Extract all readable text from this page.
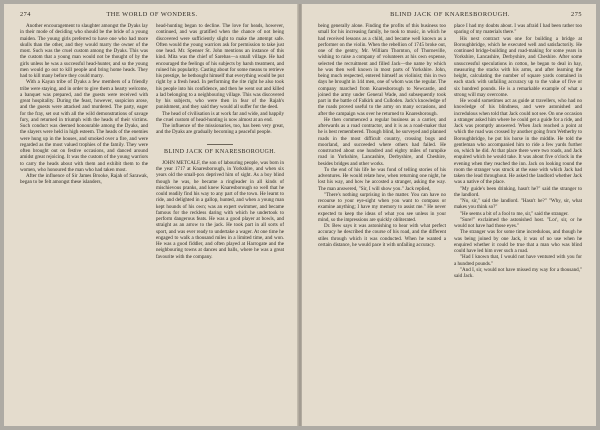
274	THE WORLD OF WONDERS.

Another encouragement to slaughter amongst the Dyaks lay in their mode of deciding who should be the bride of a young maiden. The young girls preferred to have one who had more skulls than the other, and they would marry the owner of the most. Such was the cruel custom among the Dyaks. This was the custom that a young man would not be thought of by the girls unless he was a successful head-hunter, and so the young men would go out to kill people and bring home heads. They had to kill many before they could marry.

With a Kayan tribe of Dyaks a few members of a friendly tribe were staying, and in order to give them a hearty welcome, a banquet was prepared, and the guests were received with great hospitality. During the feast, however, suspicion arose, and the guests were attacked and murdered. The party, eager for the fray, set out with all the wild demonstrations of savage fury, and returned in triumph with the heads of their victims. Such conduct was deemed honourable among the Dyaks, and the slayers were held in high esteem. The heads of the enemies were hung up in the houses, and smoked over a fire, and were regarded as the most valued trophies of the family. They were often brought out on festive occasions, and danced around amidst great rejoicing. It was the custom of the young warriors to carry the heads about with them and exhibit them to the women, who honoured the man who had taken most.

After the influence of Sir James Brooke, Rajah of Sarawak, began to be felt amongst these islanders,

head-hunting began to decline. The love for heads, however, continued, and was gratified when the chance of not being discovered were sufficiently slight to make the attempt safe. Often would the young warriors ask for permission to take just one head. Mr. Spenser St. John mentions an instance of this kind. Mita was the chief of Sarebas—a small village. He had encouraged the feelings of his subjects by harsh treatment, and ruined his popularity. Casting about for some means to retrieve his prestige, he bethought himself that everything would be put right by a fresh head. In performing the rite right he also took his people into his confidence, and then he went out and killed a lad belonging to a neighbouring village. This was discovered by his subjects, who were then in fear of the Rajah's punishment, and they said they would all suffer for the deed.

The head of civilisation is at work far and wide, and happily the cruel custom of head-hunting is now almost at an end.

The influence of the missionaries, too, has been very great, and the Dyaks are gradually becoming a peaceful people.

BLIND JACK OF KNARESBOROUGH.

JOHN METCALF, the son of labouring people, was born in the year 1717 at Knaresborough, in Yorkshire, and when six years old the small-pox deprived him of sight. As a boy blind though he was, he became a ringleader in all kinds of mischievous pranks, and knew Knaresborough so well that he could readily find his way to any part of the town. He learnt to ride, and delighted in a gallop, hunted, and when a young man kept hounds of his own; was an expert swimmer, and became famous for the reckless daring with which he undertook to perform dangerous feats. He was a good player at bowls, and straight as an arrow to the jack. He took part in all sorts of sport, and was ever ready to undertake a wager. At one time he engaged to walk a thousand miles in a limited time, and won. He was a good fiddler, and often played at Harrogate and the neighbouring towns at dances and balls, where he was a great favourite with the company.

BLIND JACK OF KNARESBOROUGH.	275

being generally alone. Finding the profits of this business too small for his increasing family, he took to music, in which he had received lessons as a child, and became well known as a performer on the violin. When the rebellion of 1745 broke out, one of the gentry, Mr. William Thornton, of Thorneville, wishing to raise a company of volunteers at his own expense, selected the recruitment and filled Jack—the name by which he was then well known in most parts of Yorkshire. John, being much respected, entered himself as violinist; this in two days he brought in 144 men, one of whom was the regular. The company marched from Knaresborough to Newcastle, and joined the army under General Wade, and subsequently took part in the battle of Falkirk and Culloden. Jack's knowledge of the roads proved useful to the army on many occasions, and after the campaign was over he returned to Knaresborough.

He then commenced a regular business as a carrier, and afterwards as a road contractor, and it is as a road-maker that he is best remembered. Though blind, he surveyed and planned roads in the most difficult country, crossing bogs and moorland, and succeeded where others had failed. He constructed about one hundred and eighty miles of turnpike road in Yorkshire, Lancashire, Derbyshire, and Cheshire, besides bridges and other works.

To the end of his life he was fond of telling stories of his adventures. He would relate how, when returning one night, he lost his way, and how he accosted a stranger, asking the way. The man answered, "Sir, I will show you." Jack replied,

"There's nothing surprising in the matter. You can have no recourse to your eye-sight when you want to compass or examine anything; I have my memory to assist me." He never expected to keep the ideas of what you see unless in your mind, so the impressions are quickly obliterated.

Dr. Bew says it was astonishing to hear with what perfect accuracy he described the course of his road, and the different stiles through which it was conducted. When he wanted a certain distance, he would pace it with unfailing accuracy.

place I had my doubts about. I was afraid I had been rather too sparing of my materials there."

His next contract was one for building a bridge at Boroughbridge, which he executed well and satisfactorily. He continued bridge-building and road-making for some years in Yorkshire, Lancashire, Derbyshire, and Cheshire. After some unsuccessful speculations in cotton, he began to deal in hay, measuring the stacks with his arms, and after learning the height, calculating the number of square yards contained in each stack with unfailing accuracy up to the value of five or six hundred pounds. He is a remarkable example of what a strong will may overcome.

He would sometimes act as guide at travellers, who had no knowledge of his blindness, and were astonished and incredulous when told that Jack could not see. On one occasion a stranger asked him where he could get a guide for a ride, and Jack was promptly answered. When Jack reached a point at which the road was crossed by another going from Wetherby to Boroughbridge, he put his horse in the middle. He told the gentleman who accompanied him to ride a few yards further on, which he did. At that place there were two roads, and Jack enquired which he would take. It was about five o'clock in the evening when they reached the inn. Jack on looking round the room the stranger was struck at the ease with which Jack had taken the lead throughout. He asked the landlord whether Jack was a native of the place.

"My guide's been drinking, hasn't he?" said the stranger to the landlord.

"No, sir," said the landlord. "Hasn't he?" "Why, sir, what makes you think so?"

"He seems a bit of a fool to me, sir," said the stranger.

"Sure!" exclaimed the astonished host. "Lor', sir, or he would not have had those eyes."

The stranger was for some time incredulous, and though he was being joined by one Jack, it was of no use when he enquired whether it could be true that a man who was blind could have led him over such a road.

"Had I known that, I would not have ventured with you for a hundred pounds."

"And I, sir, would not have missed my way for a thousand," said Jack.
